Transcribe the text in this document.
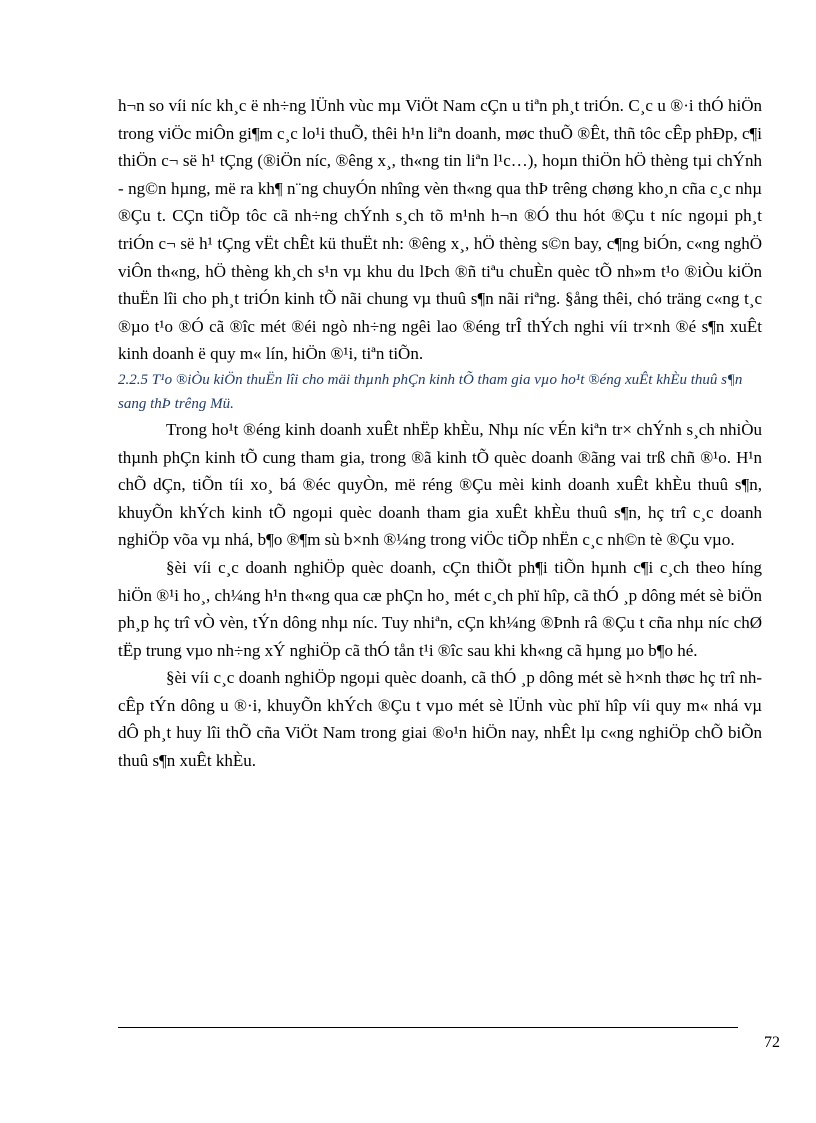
h¬n so víi níc kh¸c ë nh÷ng lÜnh vùc mµ ViÖt Nam cÇn u tiªn ph¸t triÓn. C¸c u ®·i thÓ hiÖn trong viÖc miÔn gi¶m c¸c lo¹i thuÕ, thêi h¹n liªn doanh, møc thuÕ ®Êt, thñ tôc cÊp phÐp, c¶i thiÖn c¬ së h¹ tÇng (®iÖn níc, ®êng x¸, th«ng tin liªn l¹c…), hoµn thiÖn hÖ thèng tµi chÝnh - ng©n hµng, më ra kh¶ n¨ng chuyÓn nhîng vèn th«ng qua thÞ trêng chøng kho¸n cña c¸c nhµ ®Çu t. CÇn tiÕp tôc cã nh÷ng chÝnh s¸ch tõ m¹nh h¬n ®Ó thu hót ®Çu t níc ngoµi ph¸t triÓn c¬ së h¹ tÇng vËt chÊt kü thuËt nh: ®êng x¸, hÖ thèng s©n bay, c¶ng biÓn, c«ng nghÖ viÔn th«ng, hÖ thèng kh¸ch s¹n vµ khu du lÞch ®ñ tiªu chuÈn quèc tÕ nh»m t¹o ®iÒu kiÖn thuËn lîi cho ph¸t triÓn kinh tÕ nãi chung vµ thuû s¶n nãi riªng. §ång thêi, chó träng c«ng t¸c ®µo t¹o ®Ó cã ®îc mét ®éi ngò nh÷ng ngêi lao ®éng trÎ thÝch nghi víi tr×nh ®é s¶n xuÊt kinh doanh ë quy m« lín, hiÖn ®¹i, tiªn tiÕn.

2.2.5 T¹o ®iÒu kiÖn thuËn lîi cho mäi thµnh phÇn kinh tÕ tham gia vµo ho¹t ®éng xuÊt khÈu thuû s¶n sang thÞ trêng Mü.

Trong ho¹t ®éng kinh doanh xuÊt nhËp khÈu, Nhµ níc vÉn kiªn tr× chÝnh s¸ch nhiÒu thµnh phÇn kinh tÕ cung tham gia, trong ®ã kinh tÕ quèc doanh ®ãng vai trß chñ ®¹o. H¹n chÕ dÇn, tiÕn tíi xo¸ bá ®éc quyÒn, më réng ®Çu mèi kinh doanh xuÊt khÈu thuû s¶n, khuyÕn khÝch kinh tÕ ngoµi quèc doanh tham gia xuÊt khÈu thuû s¶n, hç trî c¸c doanh nghiÖp võa vµ nhá, b¶o ®¶m sù b×nh ®¼ng trong viÖc tiÕp nhËn c¸c nh©n tè ®Çu vµo.

§èi víi c¸c doanh nghiÖp quèc doanh, cÇn thiÕt ph¶i tiÕn hµnh c¶i c¸ch theo híng hiÖn ®¹i ho¸, ch¼ng h¹n th«ng qua cæ phÇn ho¸ mét c¸ch phï hîp, cã thÓ ¸p dông mét sè biÖn ph¸p hç trî vÒ vèn, tÝn dông nhµ níc. Tuy nhiªn, cÇn kh¼ng ®Þnh râ ®Çu t cña nhµ níc chØ tËp trung vµo nh÷ng xÝ nghiÖp cã thÓ tån t¹i ®îc sau khi kh«ng cã hµng µo b¶o hé.

§èi víi c¸c doanh nghiÖp ngoµi quèc doanh, cã thÓ ¸p dông mét sè h×nh thøc hç trî nh cÊp tÝn dông u ®·i, khuyÕn khÝch ®Çu t vµo mét sè lÜnh vùc phï hîp víi quy m« nhá vµ dÔ ph¸t huy lîi thÕ cña ViÖt Nam trong giai ®o¹n hiÖn nay, nhÊt lµ c«ng nghiÖp chÕ biÕn thuû s¶n xuÊt khÈu.

72
